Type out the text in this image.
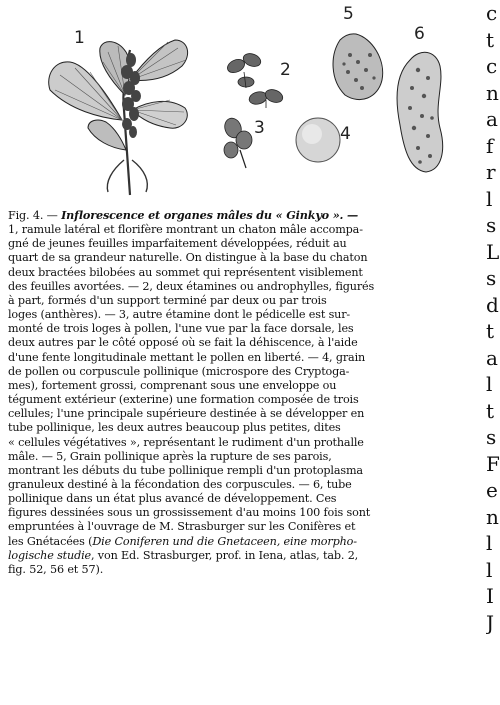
1
2
3	4
5
6
Fig. 4. — Inflorescence et organes mâles du « Ginkyo ». —
1, ramule latéral et florifère montrant un chaton mâle accompa-
gné de jeunes feuilles imparfaitement développées, réduit au
quart de sa grandeur naturelle. On distingue à la base du chaton
deux bractées bilobées au sommet qui représentent visiblement
des feuilles avortées. — 2, deux étamines ou androphylles, figurés
à part, formés d'un support terminé par deux ou par trois
loges (anthères). — 3, autre étamine dont le pédicelle est sur-
monté de trois loges à pollen, l'une vue par la face dorsale, les
deux autres par le côté opposé où se fait la déhiscence, à l'aide
d'une fente longitudinale mettant le pollen en liberté. — 4, grain
de pollen ou corpuscule pollinique (microspore des Cryptoga-
mes), fortement grossi, comprenant sous une enveloppe ou
tégument extérieur (exterine) une formation composée de trois
cellules; l'une principale supérieure destinée à se développer en
tube pollinique, les deux autres beaucoup plus petites, dites
« cellules végétatives », représentant le rudiment d'un prothalle
mâle. — 5, Grain pollinique après la rupture de ses parois,
montrant les débuts du tube pollinique rempli d'un protoplasma
granuleux destiné à la fécondation des corpuscules. — 6, tube
pollinique dans un état plus avancé de développement. Ces
figures dessinées sous un grossissement d'au moins 100 fois sont
empruntées à l'ouvrage de M. Strasburger sur les Conifères et
les Gnétacées (Die Coniferen und die Gnetaceen, eine morpho-
logische studie, von Ed. Strasburger, prof. in Iena, atlas, tab. 2,
fig. 52, 56 et 57).
c
t
c
n
a
f
r
l
s
L
s
d
t
a
l
t
s
F
e
n
l
l
I
J
